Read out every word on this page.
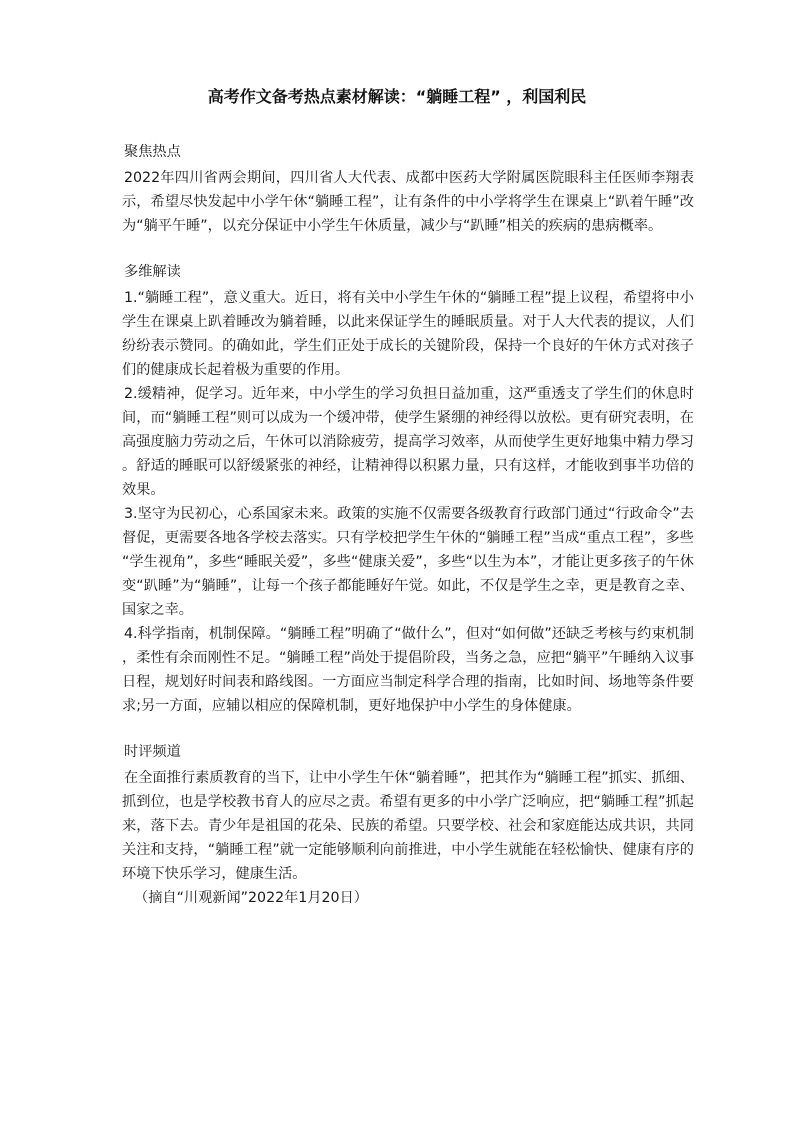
高考作文备考热点素材解读：“躺睡工程” ，利国利民
聚焦热点

2022年四川省两会期间，四川省人大代表、成都中医药大学附属医院眼科主任医师李翔表示，希望尽快发起中小学午休“躺睡工程”，让有条件的中小学将学生在课桌上“趴着午睡”改为“躺平午睡”，以充分保证中小学生午休质量，减少与“趴睡”相关的疾病的患病概率。

多维解读

1.“躺睡工程”，意义重大。近日，将有关中小学生午休的“躺睡工程”提上议程，希望将中小学生在课桌上趴着睡改为躺着睡，以此来保证学生的睡眠质量。对于人大代表的提议，人们纷纷表示赞同。的确如此，学生们正处于成长的关键阶段，保持一个良好的午休方式对孩子们的健康成长起着极为重要的作用。

2.缓精神，促学习。近年来，中小学生的学习负担日益加重，这严重透支了学生们的休息时间，而“躺睡工程”则可以成为一个缓冲带，使学生紧绷的神经得以放松。更有研究表明，在高强度脑力劳动之后，午休可以消除疲劳，提高学习效率，从而使学生更好地集中精力學习。舒适的睡眠可以舒缓紧张的神经，让精神得以积累力量，只有这样，才能收到事半功倍的效果。

3.坚守为民初心，心系国家未来。政策的实施不仅需要各级教育行政部门通过“行政命令”去督促，更需要各地各学校去落实。只有学校把学生午休的“躺睡工程”当成“重点工程”，多些“学生视角”，多些“睡眠关爱”，多些“健康关爱”，多些“以生为本”，才能让更多孩子的午休变“趴睡”为“躺睡”，让每一个孩子都能睡好午觉。如此，不仅是学生之幸，更是教育之幸、国家之幸。

4.科学指南，机制保障。“躺睡工程”明确了“做什么”，但对“如何做”还缺乏考核与约束机制，柔性有余而刚性不足。“躺睡工程”尚处于提倡阶段，当务之急，应把“躺平”午睡纳入议事日程，规划好时间表和路线图。一方面应当制定科学合理的指南，比如时间、场地等条件要求;另一方面，应辅以相应的保障机制，更好地保护中小学生的身体健康。

时评频道

在全面推行素质教育的当下，让中小学生午休“躺着睡”，把其作为“躺睡工程”抓实、抓细、抓到位，也是学校教书育人的应尽之责。希望有更多的中小学广泛响应，把“躺睡工程”抓起来，落下去。青少年是祖国的花朵、民族的希望。只要学校、社会和家庭能达成共识，共同关注和支持，“躺睡工程”就一定能够顺利向前推进，中小学生就能在轻松愉快、健康有序的环境下快乐学习，健康生活。

（摘自“川观新闻”2022年1月20日）
